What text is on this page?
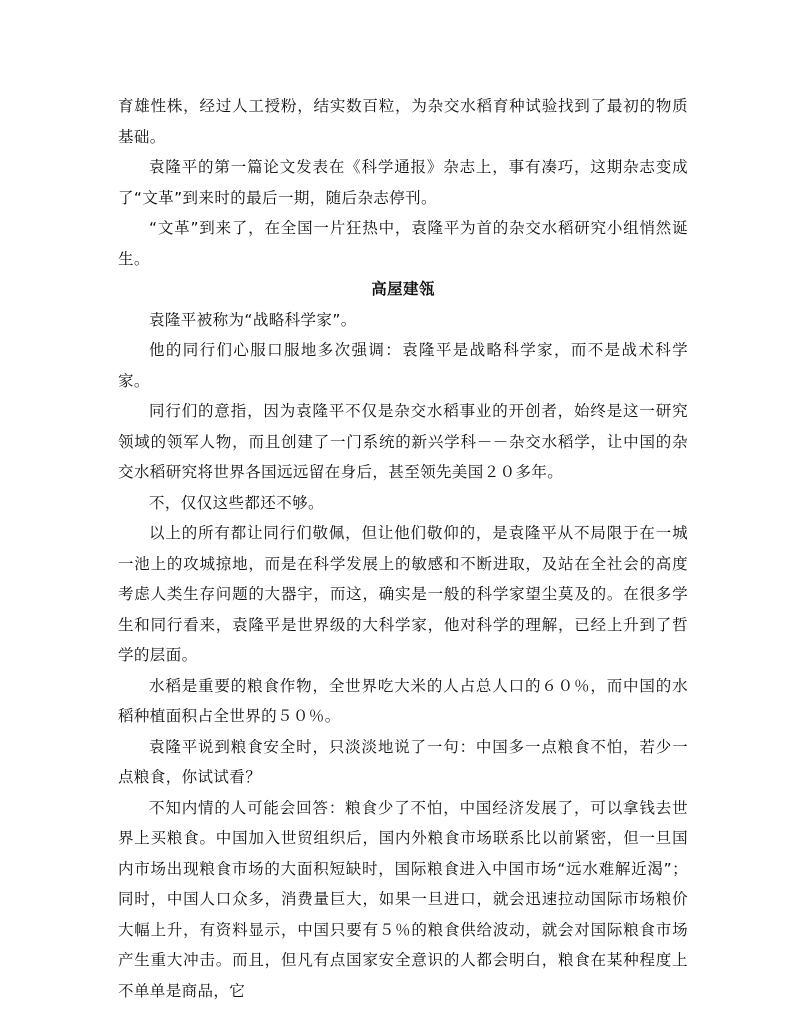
育雄性株，经过人工授粉，结实数百粒，为杂交水稻育种试验找到了最初的物质基础。

袁隆平的第一篇论文发表在《科学通报》杂志上，事有凑巧，这期杂志变成了“文革”到来时的最后一期，随后杂志停刊。

“文革”到来了，在全国一片狂热中，袁隆平为首的杂交水稻研究小组悄然诞生。

高屋建瓴

袁隆平被称为“战略科学家”。

他的同行们心服口服地多次强调：袁隆平是战略科学家，而不是战术科学家。

同行们的意指，因为袁隆平不仅是杂交水稻事业的开创者，始终是这一研究领域的领军人物，而且创建了一门系统的新兴学科－－杂交水稻学，让中国的杂交水稻研究将世界各国远远留在身后，甚至领先美国２０多年。

不，仅仅这些都还不够。

以上的所有都让同行们敬佩，但让他们敬仰的，是袁隆平从不局限于在一城一池上的攻城掠地，而是在科学发展上的敏感和不断进取，及站在全社会的高度考虑人类生存问题的大器宇，而这，确实是一般的科学家望尘莫及的。在很多学生和同行看来，袁隆平是世界级的大科学家，他对科学的理解，已经上升到了哲学的层面。

水稻是重要的粮食作物，全世界吃大米的人占总人口的６０％，而中国的水稻种植面积占全世界的５０％。

袁隆平说到粮食安全时，只淡淡地说了一句：中国多一点粮食不怕，若少一点粮食，你试试看？

不知内情的人可能会回答：粮食少了不怕，中国经济发展了，可以拿钱去世界上买粮食。中国加入世贸组织后，国内外粮食市场联系比以前紧密，但一旦国内市场出现粮食市场的大面积短缺时，国际粮食进入中国市场“远水难解近渴”；同时，中国人口众多，消费量巨大，如果一旦进口，就会迅速拉动国际市场粮价大幅上升，有资料显示，中国只要有５％的粮食供给波动，就会对国际粮食市场产生重大冲击。而且，但凡有点国家安全意识的人都会明白，粮食在某种程度上不单单是商品，它
